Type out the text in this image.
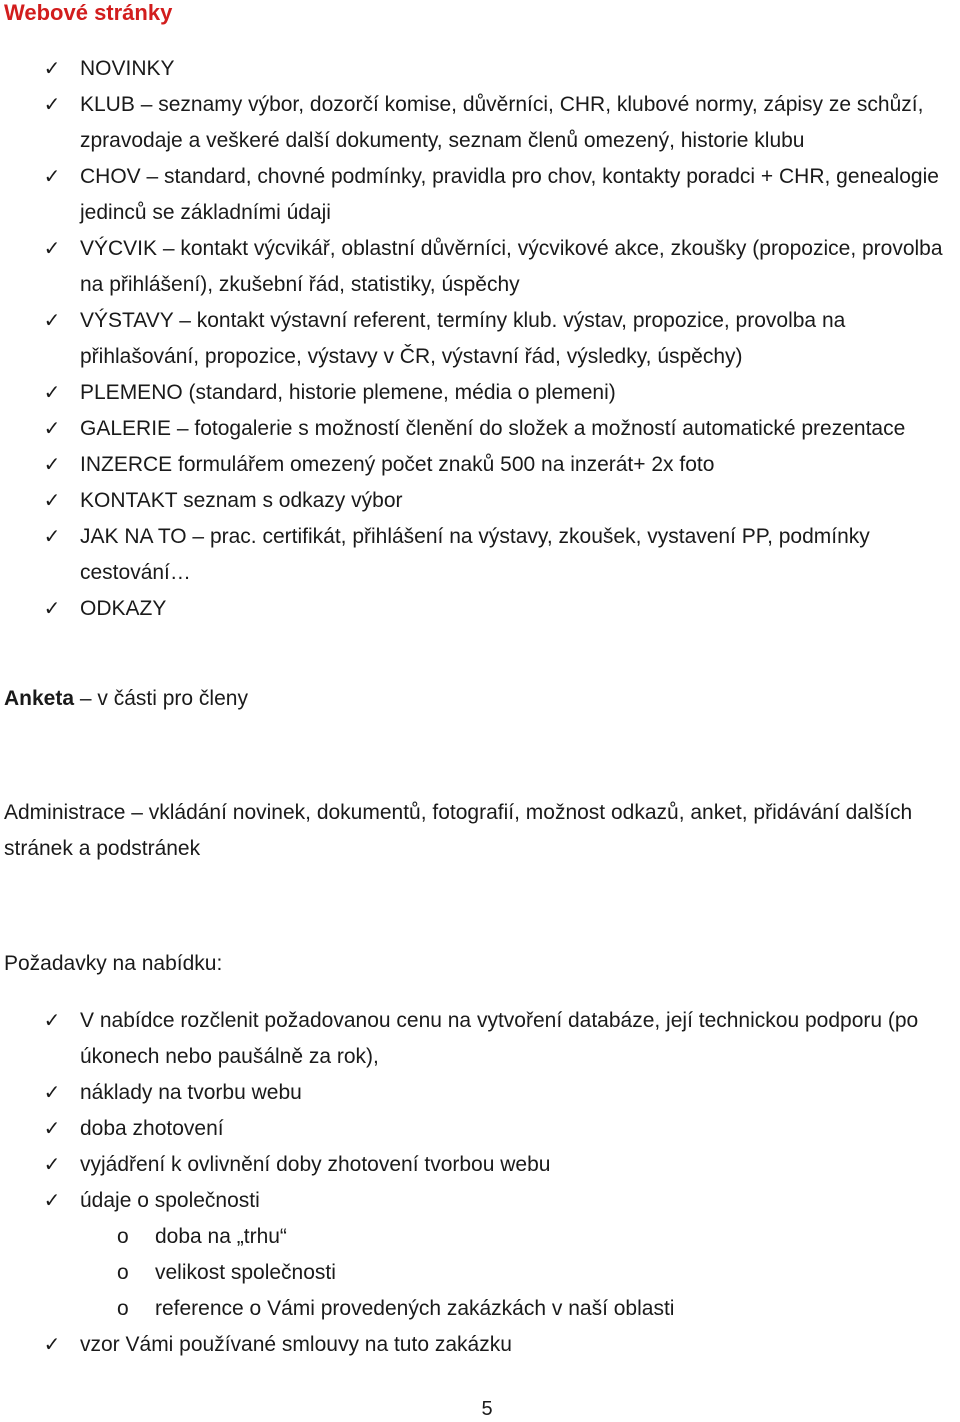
Webové stránky
✓ NOVINKY
✓ KLUB – seznamy výbor, dozorčí komise, důvěrníci, CHR, klubové normy, zápisy ze schůzí, zpravodaje a veškeré další dokumenty, seznam členů omezený, historie klubu
✓ CHOV – standard, chovné podmínky, pravidla pro chov, kontakty poradci + CHR, genealogie jedinců se základními údaji
✓ VÝCVIK – kontakt výcvikář, oblastní důvěrníci, výcvikové akce, zkoušky (propozice, provolba na přihlášení), zkušební řád, statistiky, úspěchy
✓ VÝSTAVY – kontakt výstavní referent, termíny klub. výstav, propozice, provolba na přihlašování, propozice, výstavy v ČR, výstavní řád, výsledky, úspěchy)
✓ PLEMENO (standard, historie plemene, média o plemeni)
✓ GALERIE – fotogalerie s možností členění do složek a možností automatické prezentace
✓ INZERCE formulářem omezený počet znaků 500 na inzerát+ 2x foto
✓ KONTAKT seznam s odkazy výbor
✓ JAK NA TO – prac. certifikát, přihlášení na výstavy, zkoušek, vystavení PP, podmínky cestování…
✓ ODKAZY
Anketa – v části pro členy
Administrace – vkládání novinek, dokumentů, fotografií, možnost odkazů, anket, přidávání dalších stránek a podstránek
Požadavky na nabídku:
✓ V nabídce rozčlenit požadovanou cenu na vytvoření databáze, její technickou podporu (po úkonech nebo paušálně za rok),
✓ náklady na tvorbu webu
✓ doba zhotovení
✓ vyjádření k ovlivnění doby zhotovení tvorbou webu
✓ údaje o společnosti
o doba na „trhu“
o velikost společnosti
o reference o Vámi provedených zakázkách v naší oblasti
✓ vzor Vámi používané smlouvy na tuto zakázku
5
